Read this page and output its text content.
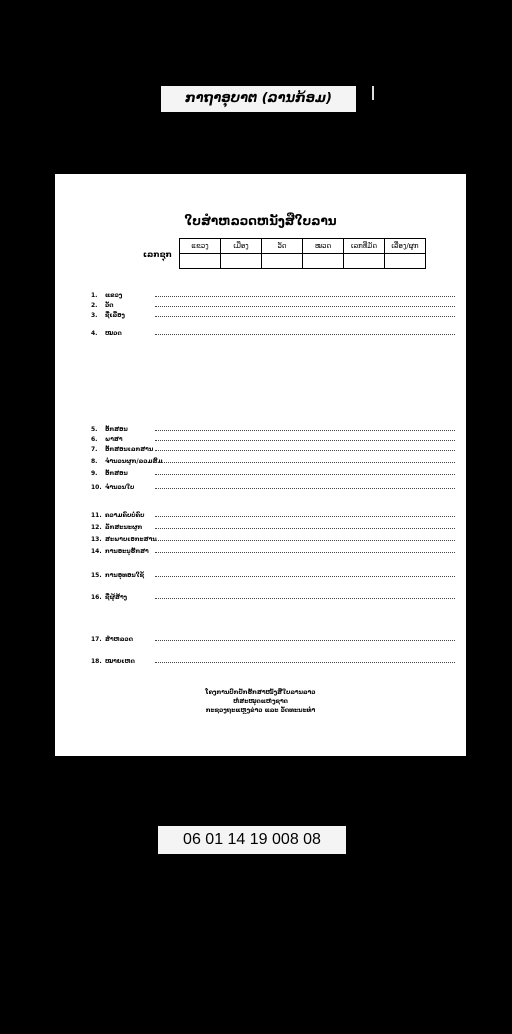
ກາຖາອຸບາຕ (ລານກ້ອມ)
ໃບສຳຫລວດຫນັງສືໃບລານ
ເລກຊຸກ
ແຂວງ	ເມືອງ	ວັດ	ໝວດ	ເລກທີ່ມັດ	ເລື່ອງ/ຜູກ

1. ແຂວງ
2. ວັດ
3. ຊື່ເລື່ອງ
4. ໝວດ
5. ອັກສອນ
6. ພາສາ
7. ອັກສອນເລກສານ
8. ຈຳນວນຜູກ/ລວມສົມ
9. ອັກສອນ
10. ຈຳນວນໃບ
11. ຄວາມຄົບບໍ່ຄົບ
12. ລັກສະນະຜູກ
13. ສະພາບເອກະສານ
14. ການອະນຸຮັກສາ
15. ການອຸທອນໃຊ້
16. ຊື່ຜູ້ສ້າງ
17. ສຳຫລວດ
18. ໝາຍເຫດ
ໂຄງການປົກປັກຮັກສາໜັງສືໃບລານລາວ
ຫໍສະໝຸດແຫ່ງຊາດ
ກະຊວງຖະແຫຼງຂ່າວ ແລະ ວັດທະນະທຳ
06 01 14 19 008 08
